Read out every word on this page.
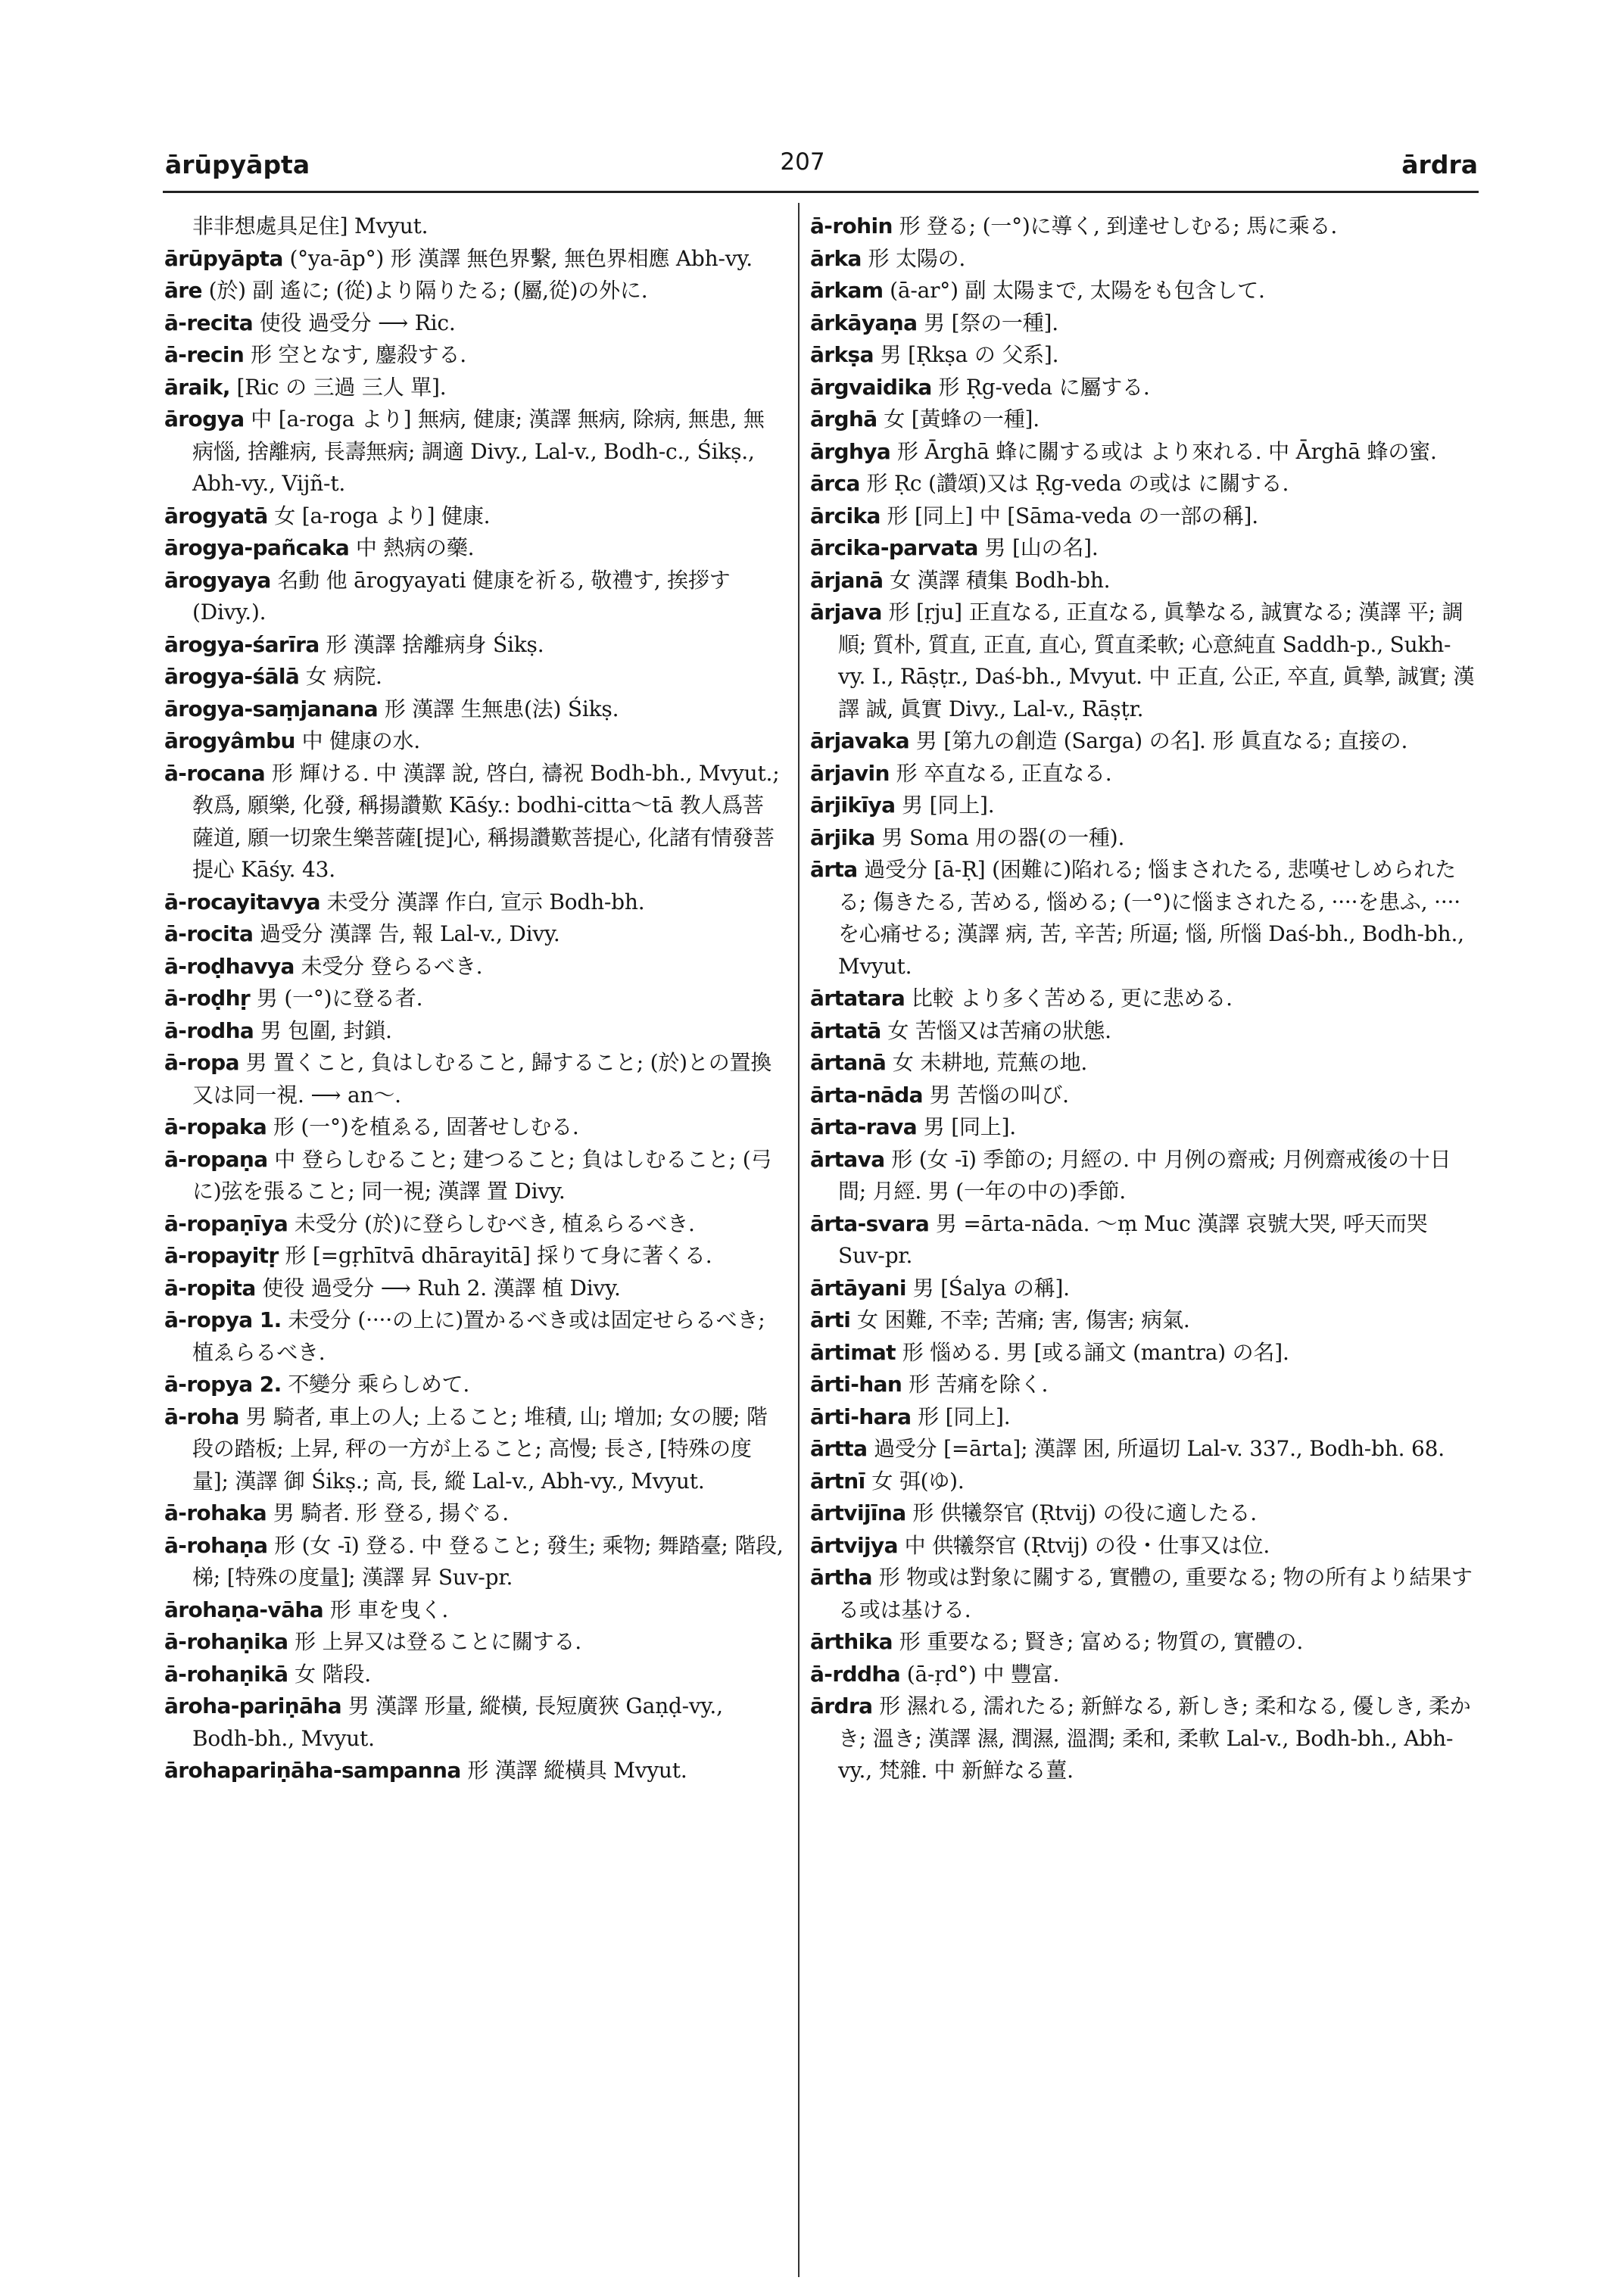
ārūpyāpta	207	ārdra

非非想處具足住] Mvyut.

ārūpyāpta (°ya-āp°) 形 漢譯 無色界繫, 無色界相應 Abh-vy.

āre (於) 副 遙に; (從)より隔りたる; (屬,從)の外に.

ā-recita 使役 過受分 ⟶ Ric.

ā-recin 形 空となす, 鏖殺する.

āraik, [Ric の 三過 三人 單].

ārogya 中 [a-roga より] 無病, 健康; 漢譯 無病, 除病, 無患, 無病惱, 捨離病, 長壽無病; 調適 Divy., Lal-v., Bodh-c., Śikṣ., Abh-vy., Vijñ-t.

ārogyatā 女 [a-roga より] 健康.

ārogya-pañcaka 中 熱病の藥.

ārogyaya 名動 他 ārogyayati 健康を祈る, 敬禮す, 挨拶す (Divy.).

ārogya-śarīra 形 漢譯 捨離病身 Śikṣ.

ārogya-śālā 女 病院.

ārogya-saṃjanana 形 漢譯 生無患(法) Śikṣ.

ārogyâmbu 中 健康の水.

ā-rocana 形 輝ける. 中 漢譯 說, 啓白, 禱祝 Bodh-bh., Mvyut.; 敎爲, 願樂, 化發, 稱揚讚歎 Kāśy.: bodhi-citta〜tā 教人爲菩薩道, 願一切衆生樂菩薩[提]心, 稱揚讚歎菩提心, 化諸有情發菩提心 Kāśy. 43.

ā-rocayitavya 未受分 漢譯 作白, 宣示 Bodh-bh.

ā-rocita 過受分 漢譯 告, 報 Lal-v., Divy.

ā-roḍhavya 未受分 登らるべき.

ā-roḍhṛ 男 (一°)に登る者.

ā-rodha 男 包圍, 封鎖.

ā-ropa 男 置くこと, 負はしむること, 歸すること; (於)との置換又は同一視. ⟶ an〜.

ā-ropaka 形 (一°)を植ゑる, 固著せしむる.

ā-ropaṇa 中 登らしむること; 建つること; 負はしむること; (弓に)弦を張ること; 同一視; 漢譯 置 Divy.

ā-ropaṇīya 未受分 (於)に登らしむべき, 植ゑらるべき.

ā-ropayitṛ 形 [=gṛhītvā dhārayitā] 採りて身に著くる.

ā-ropita 使役 過受分 ⟶ Ruh 2. 漢譯 植 Divy.

ā-ropya 1. 未受分 (····の上に)置かるべき或は固定せらるべき; 植ゑらるべき.

ā-ropya 2. 不變分 乘らしめて.

ā-roha 男 騎者, 車上の人; 上ること; 堆積, 山; 增加; 女の腰; 階段の踏板; 上昇, 秤の一方が上ること; 高慢; 長さ, [特殊の度量]; 漢譯 御 Śikṣ.; 高, 長, 縱 Lal-v., Abh-vy., Mvyut.

ā-rohaka 男 騎者. 形 登る, 揚ぐる.

ā-rohaṇa 形 (女 -ī) 登る. 中 登ること; 發生; 乘物; 舞踏臺; 階段, 梯; [特殊の度量]; 漢譯 昇 Suv-pr.

ārohaṇa-vāha 形 車を曳く.

ā-rohaṇika 形 上昇又は登ることに關する.

ā-rohaṇikā 女 階段.

āroha-pariṇāha 男 漢譯 形量, 縱橫, 長短廣狹 Gaṇḍ-vy., Bodh-bh., Mvyut.

ārohapariṇāha-sampanna 形 漢譯 縱橫具 Mvyut.

ā-rohin 形 登る; (一°)に導く, 到達せしむる; 馬に乘る.

ārka 形 太陽の.

ārkam (ā-ar°) 副 太陽まで, 太陽をも包含して.

ārkāyaṇa 男 [祭の一種].

ārkṣa 男 [Ṛkṣa の 父系].

ārgvaidika 形 Ṛg-veda に屬する.

ārghā 女 [黃蜂の一種].

ārghya 形 Ārghā 蜂に關する或は より來れる. 中 Ārghā 蜂の蜜.

ārca 形 Ṛc (讚頌)又は Ṛg-veda の或は に關する.

ārcika 形 [同上] 中 [Sāma-veda の一部の稱].

ārcika-parvata 男 [山の名].

ārjanā 女 漢譯 積集 Bodh-bh.

ārjava 形 [ṛju] 正直なる, 正直なる, 眞摯なる, 誠實なる; 漢譯 平; 調順; 質朴, 質直, 正直, 直心, 質直柔軟; 心意純直 Saddh-p., Sukh-vy. I., Rāṣṭr., Daś-bh., Mvyut. 中 正直, 公正, 卒直, 眞摯, 誠實; 漢譯 誠, 眞實 Divy., Lal-v., Rāṣṭr.

ārjavaka 男 [第九の創造 (Sarga) の名]. 形 眞直なる; 直接の.

ārjavin 形 卒直なる, 正直なる.

ārjikīya 男 [同上].

ārjika 男 Soma 用の器(の一種).

ārta 過受分 [ā-Ṛ] (困難に)陷れる; 惱まされたる, 悲嘆せしめられたる; 傷きたる, 苦める, 惱める; (一°)に惱まされたる, ····を患ふ, ····を心痛せる; 漢譯 病, 苦, 辛苦; 所逼; 惱, 所惱 Daś-bh., Bodh-bh., Mvyut.

ārtatara 比較 より多く苦める, 更に悲める.

ārtatā 女 苦惱又は苦痛の狀態.

ārtanā 女 未耕地, 荒蕪の地.

ārta-nāda 男 苦惱の叫び.

ārta-rava 男 [同上].

ārtava 形 (女 -ī) 季節の; 月經の. 中 月例の齋戒; 月例齋戒後の十日間; 月經. 男 (一年の中の)季節.

ārta-svara 男 =ārta-nāda. 〜ṃ Muc 漢譯 哀號大哭, 呼天而哭 Suv-pr.

ārtāyani 男 [Śalya の稱].

ārti 女 困難, 不幸; 苦痛; 害, 傷害; 病氣.

ārtimat 形 惱める. 男 [或る誦文 (mantra) の名].

ārti-han 形 苦痛を除く.

ārti-hara 形 [同上].

ārtta 過受分 [=ārta]; 漢譯 困, 所逼切 Lal-v. 337., Bodh-bh. 68.

ārtnī 女 弭(ゆ).

ārtvijīna 形 供犧祭官 (Ṛtvij) の役に適したる.

ārtvijya 中 供犧祭官 (Ṛtvij) の役・仕事又は位.

ārtha 形 物或は對象に關する, 實體の, 重要なる; 物の所有より結果する或は基ける.

ārthika 形 重要なる; 賢き; 富める; 物質の, 實體の.

ā-rddha (ā-ṛd°) 中 豐富.

ārdra 形 濕れる, 濡れたる; 新鮮なる, 新しき; 柔和なる, 優しき, 柔かき; 溫き; 漢譯 濕, 潤濕, 溫潤; 柔和, 柔軟 Lal-v., Bodh-bh., Abh-vy., 梵雜. 中 新鮮なる薑.
